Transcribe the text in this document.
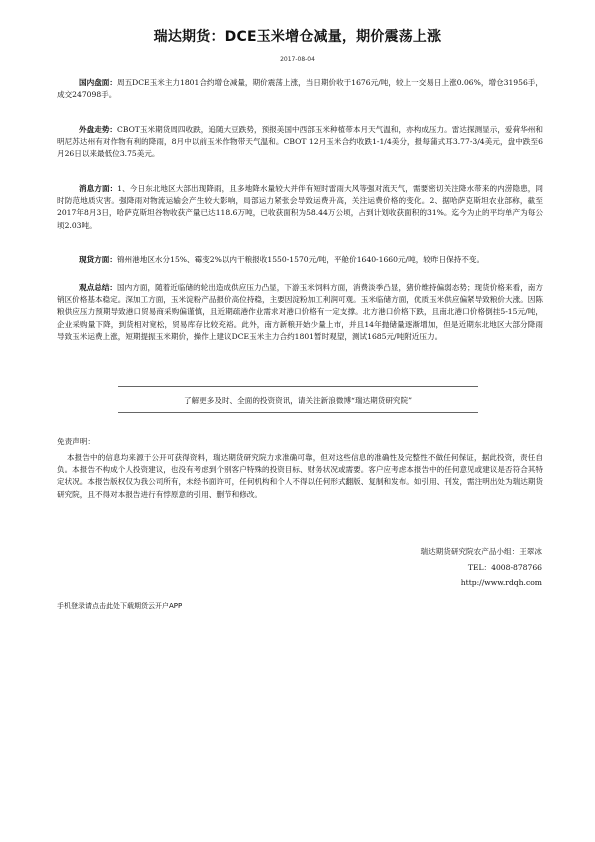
瑞达期货：DCE玉米增仓减量，期价震荡上涨
2017-08-04
国内盘面：周五DCE玉米主力1801合约增仓减量，期价震荡上涨，当日期价收于1676元/吨，较上一交易日上涨0.06%，增仓31956手，成交247098手。
外盘走势：CBOT玉米期货周四收跌，追随大豆跌势，预报美国中西部玉米种植带本月天气温和，亦构成压力。雷达探测显示，爱荷华州和明尼苏达州有对作物有利的降雨，8月中以前玉米作物带天气温和。CBOT 12月玉米合约收跌1-1/4美分，报每蒲式耳3.77-3/4美元，盘中跌至6月26日以来最低位3.75美元。
消息方面：1、今日东北地区大部出现降雨，且多地降水量较大并伴有短时雷雨大风等强对流天气，需要密切关注降水带来的内涝隐患，同时防范地质灾害。强降雨对物流运输会产生较大影响，局部运力紧张会导致运费升高，关注运费价格的变化。2、据哈萨克斯坦农业部称，截至2017年8月3日，哈萨克斯坦谷物收获产量已达118.6万吨，已收获面积为58.44万公顷，占到计划收获面积的31%。迄今为止的平均单产为每公顷2.03吨。
现货方面：锦州港地区水分15%、霉变2%以内干粮报收1550-1570元/吨，平舱价1640-1660元/吨，较昨日保持不变。
观点总结：国内方面，随着近临储的轮出造成供应压力凸显，下游玉米饲料方面，消费淡季凸显，猪价维持偏弱态势；现货价格来看，南方销区价格基本稳定。深加工方面，玉米淀粉产品报价高位持稳，主要因淀粉加工利润可观。玉米临储方面，优质玉米供应偏紧导致粮价大涨。因陈粮供应压力预期导致港口贸易商采购偏谨慎，且近期疏港作业需求对港口价格有一定支撑。北方港口价格下跌，且南北港口价格倒挂5-15元/吨，企业采购量下降，到货相对宽松，贸易库存比较充裕。此外，南方新粮开始少量上市，并且14年抛储量逐渐增加，但是近期东北地区大部分降雨导致玉米运费上涨，短期提振玉米期价，操作上建议DCE玉米主力合约1801暂时观望，测试1685元/吨附近压力。
了解更多及时、全面的投资资讯，请关注新浪微博“瑞达期货研究院”
免责声明：
本报告中的信息均来源于公开可获得资料，瑞达期货研究院力求准确可靠，但对这些信息的准确性及完整性不做任何保证，据此投资，责任自负。本报告不构成个人投资建议，也没有考虑到个别客户特殊的投资目标、财务状况或需要。客户应考虑本报告中的任何意见或建议是否符合其特定状况。本报告版权仅为我公司所有，未经书面许可，任何机构和个人不得以任何形式翻版、复制和发布。如引用、刊发，需注明出处为瑞达期货研究院，且不得对本报告进行有悖原意的引用、删节和修改。
瑞达期货研究院农产品小组：王翠冰
TEL：4008-878766
http://www.rdqh.com
手机登录请点击此处下载期货云开户APP
